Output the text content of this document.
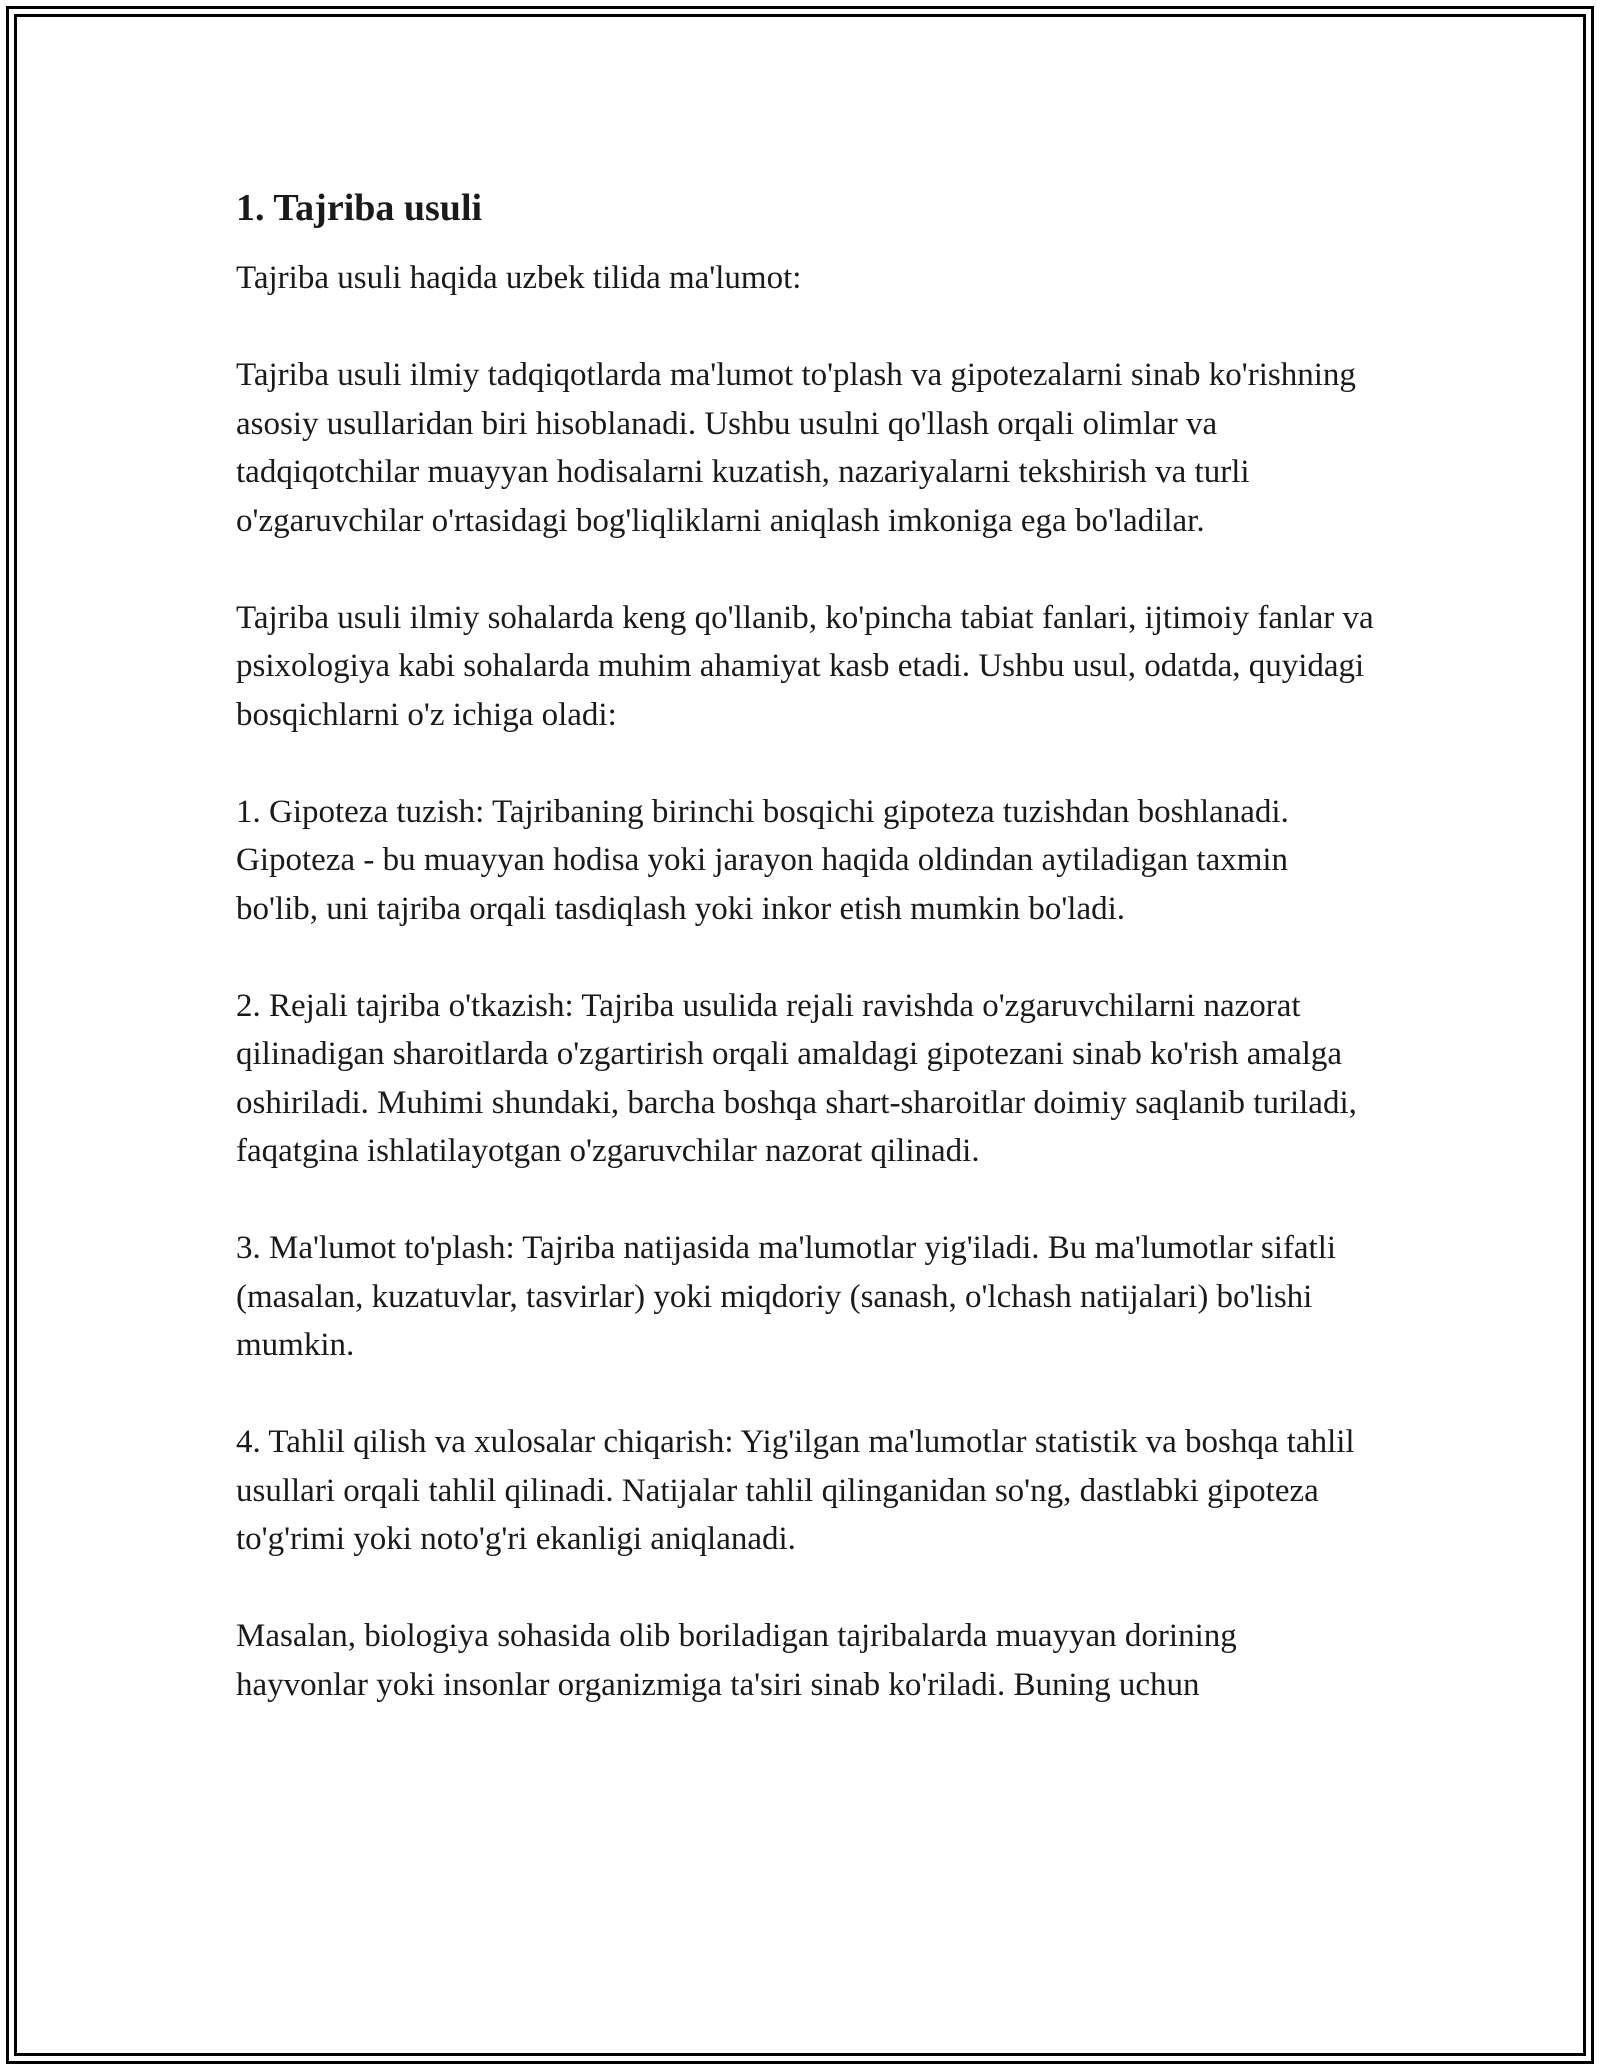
1. Tajriba usuli

Tajriba usuli haqida uzbek tilida ma'lumot:

Tajriba usuli ilmiy tadqiqotlarda ma'lumot to'plash va gipotezalarni sinab ko'rishning asosiy usullaridan biri hisoblanadi. Ushbu usulni qo'llash orqali olimlar va tadqiqotchilar muayyan hodisalarni kuzatish, nazariyalarni tekshirish va turli o'zgaruvchilar o'rtasidagi bog'liqliklarni aniqlash imkoniga ega bo'ladilar.

Tajriba usuli ilmiy sohalarda keng qo'llanib, ko'pincha tabiat fanlari, ijtimoiy fanlar va psixologiya kabi sohalarda muhim ahamiyat kasb etadi. Ushbu usul, odatda, quyidagi bosqichlarni o'z ichiga oladi:

1. Gipoteza tuzish: Tajribaning birinchi bosqichi gipoteza tuzishdan boshlanadi. Gipoteza - bu muayyan hodisa yoki jarayon haqida oldindan aytiladigan taxmin bo'lib, uni tajriba orqali tasdiqlash yoki inkor etish mumkin bo'ladi.

2. Rejali tajriba o'tkazish: Tajriba usulida rejali ravishda o'zgaruvchilarni nazorat qilinadigan sharoitlarda o'zgartirish orqali amaldagi gipotezani sinab ko'rish amalga oshiriladi. Muhimi shundaki, barcha boshqa shart-sharoitlar doimiy saqlanib turiladi, faqatgina ishlatilayotgan o'zgaruvchilar nazorat qilinadi.

3. Ma'lumot to'plash: Tajriba natijasida ma'lumotlar yig'iladi. Bu ma'lumotlar sifatli (masalan, kuzatuvlar, tasvirlar) yoki miqdoriy (sanash, o'lchash natijalari) bo'lishi mumkin.

4. Tahlil qilish va xulosalar chiqarish: Yig'ilgan ma'lumotlar statistik va boshqa tahlil usullari orqali tahlil qilinadi. Natijalar tahlil qilinganidan so'ng, dastlabki gipoteza to'g'rimi yoki noto'g'ri ekanligi aniqlanadi.

Masalan, biologiya sohasida olib boriladigan tajribalarda muayyan dorining hayvonlar yoki insonlar organizmiga ta'siri sinab ko'riladi. Buning uchun
